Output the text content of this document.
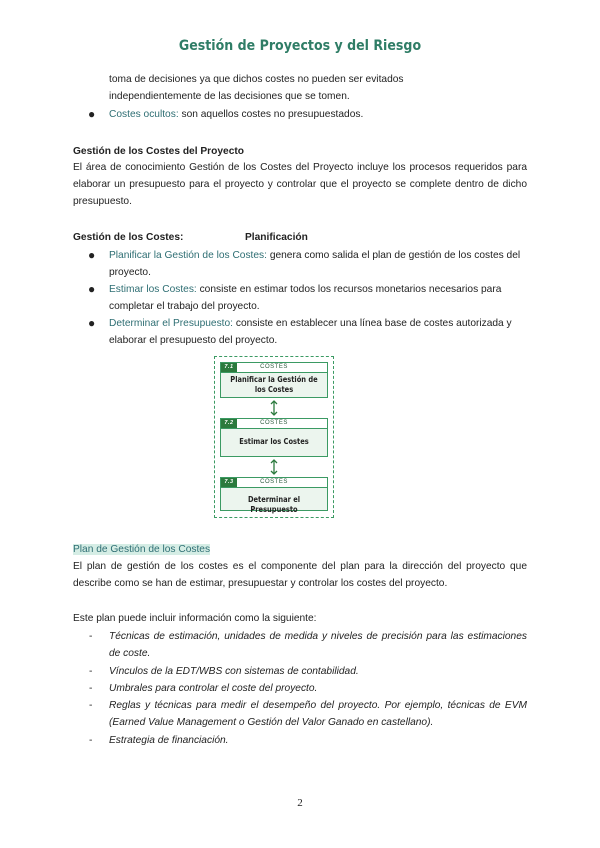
Gestión de Proyectos y del Riesgo
toma de decisiones ya que dichos costes no pueden ser evitados
independientemente de las decisiones que se tomen.
● Costes ocultos: son aquellos costes no presupuestados.
Gestión de los Costes del Proyecto
El área de conocimiento Gestión de los Costes del Proyecto incluye los procesos requeridos para elaborar un presupuesto para el proyecto y controlar que el proyecto se complete dentro de dicho presupuesto.
Gestión de los Costes:	Planificación
● Planificar la Gestión de los Costes: genera como salida el plan de gestión de los costes del proyecto.
● Estimar los Costes: consiste en estimar todos los recursos monetarios necesarios para completar el trabajo del proyecto.
● Determinar el Presupuesto: consiste en establecer una línea base de costes autorizada y elaborar el presupuesto del proyecto.
7.1	COSTES
Planificar la Gestión de los Costes
7.2	COSTES
Estimar los Costes
7.3	COSTES
Determinar el Presupuesto
Plan de Gestión de los Costes
El plan de gestión de los costes es el componente del plan para la dirección del proyecto que describe como se han de estimar, presupuestar y controlar los costes del proyecto.
Este plan puede incluir información como la siguiente:
- Técnicas de estimación, unidades de medida y niveles de precisión para las estimaciones de coste.
- Vínculos de la EDT/WBS con sistemas de contabilidad.
- Umbrales para controlar el coste del proyecto.
- Reglas y técnicas para medir el desempeño del proyecto. Por ejemplo, técnicas de EVM (Earned Value Management o Gestión del Valor Ganado en castellano).
- Estrategia de financiación.
2
